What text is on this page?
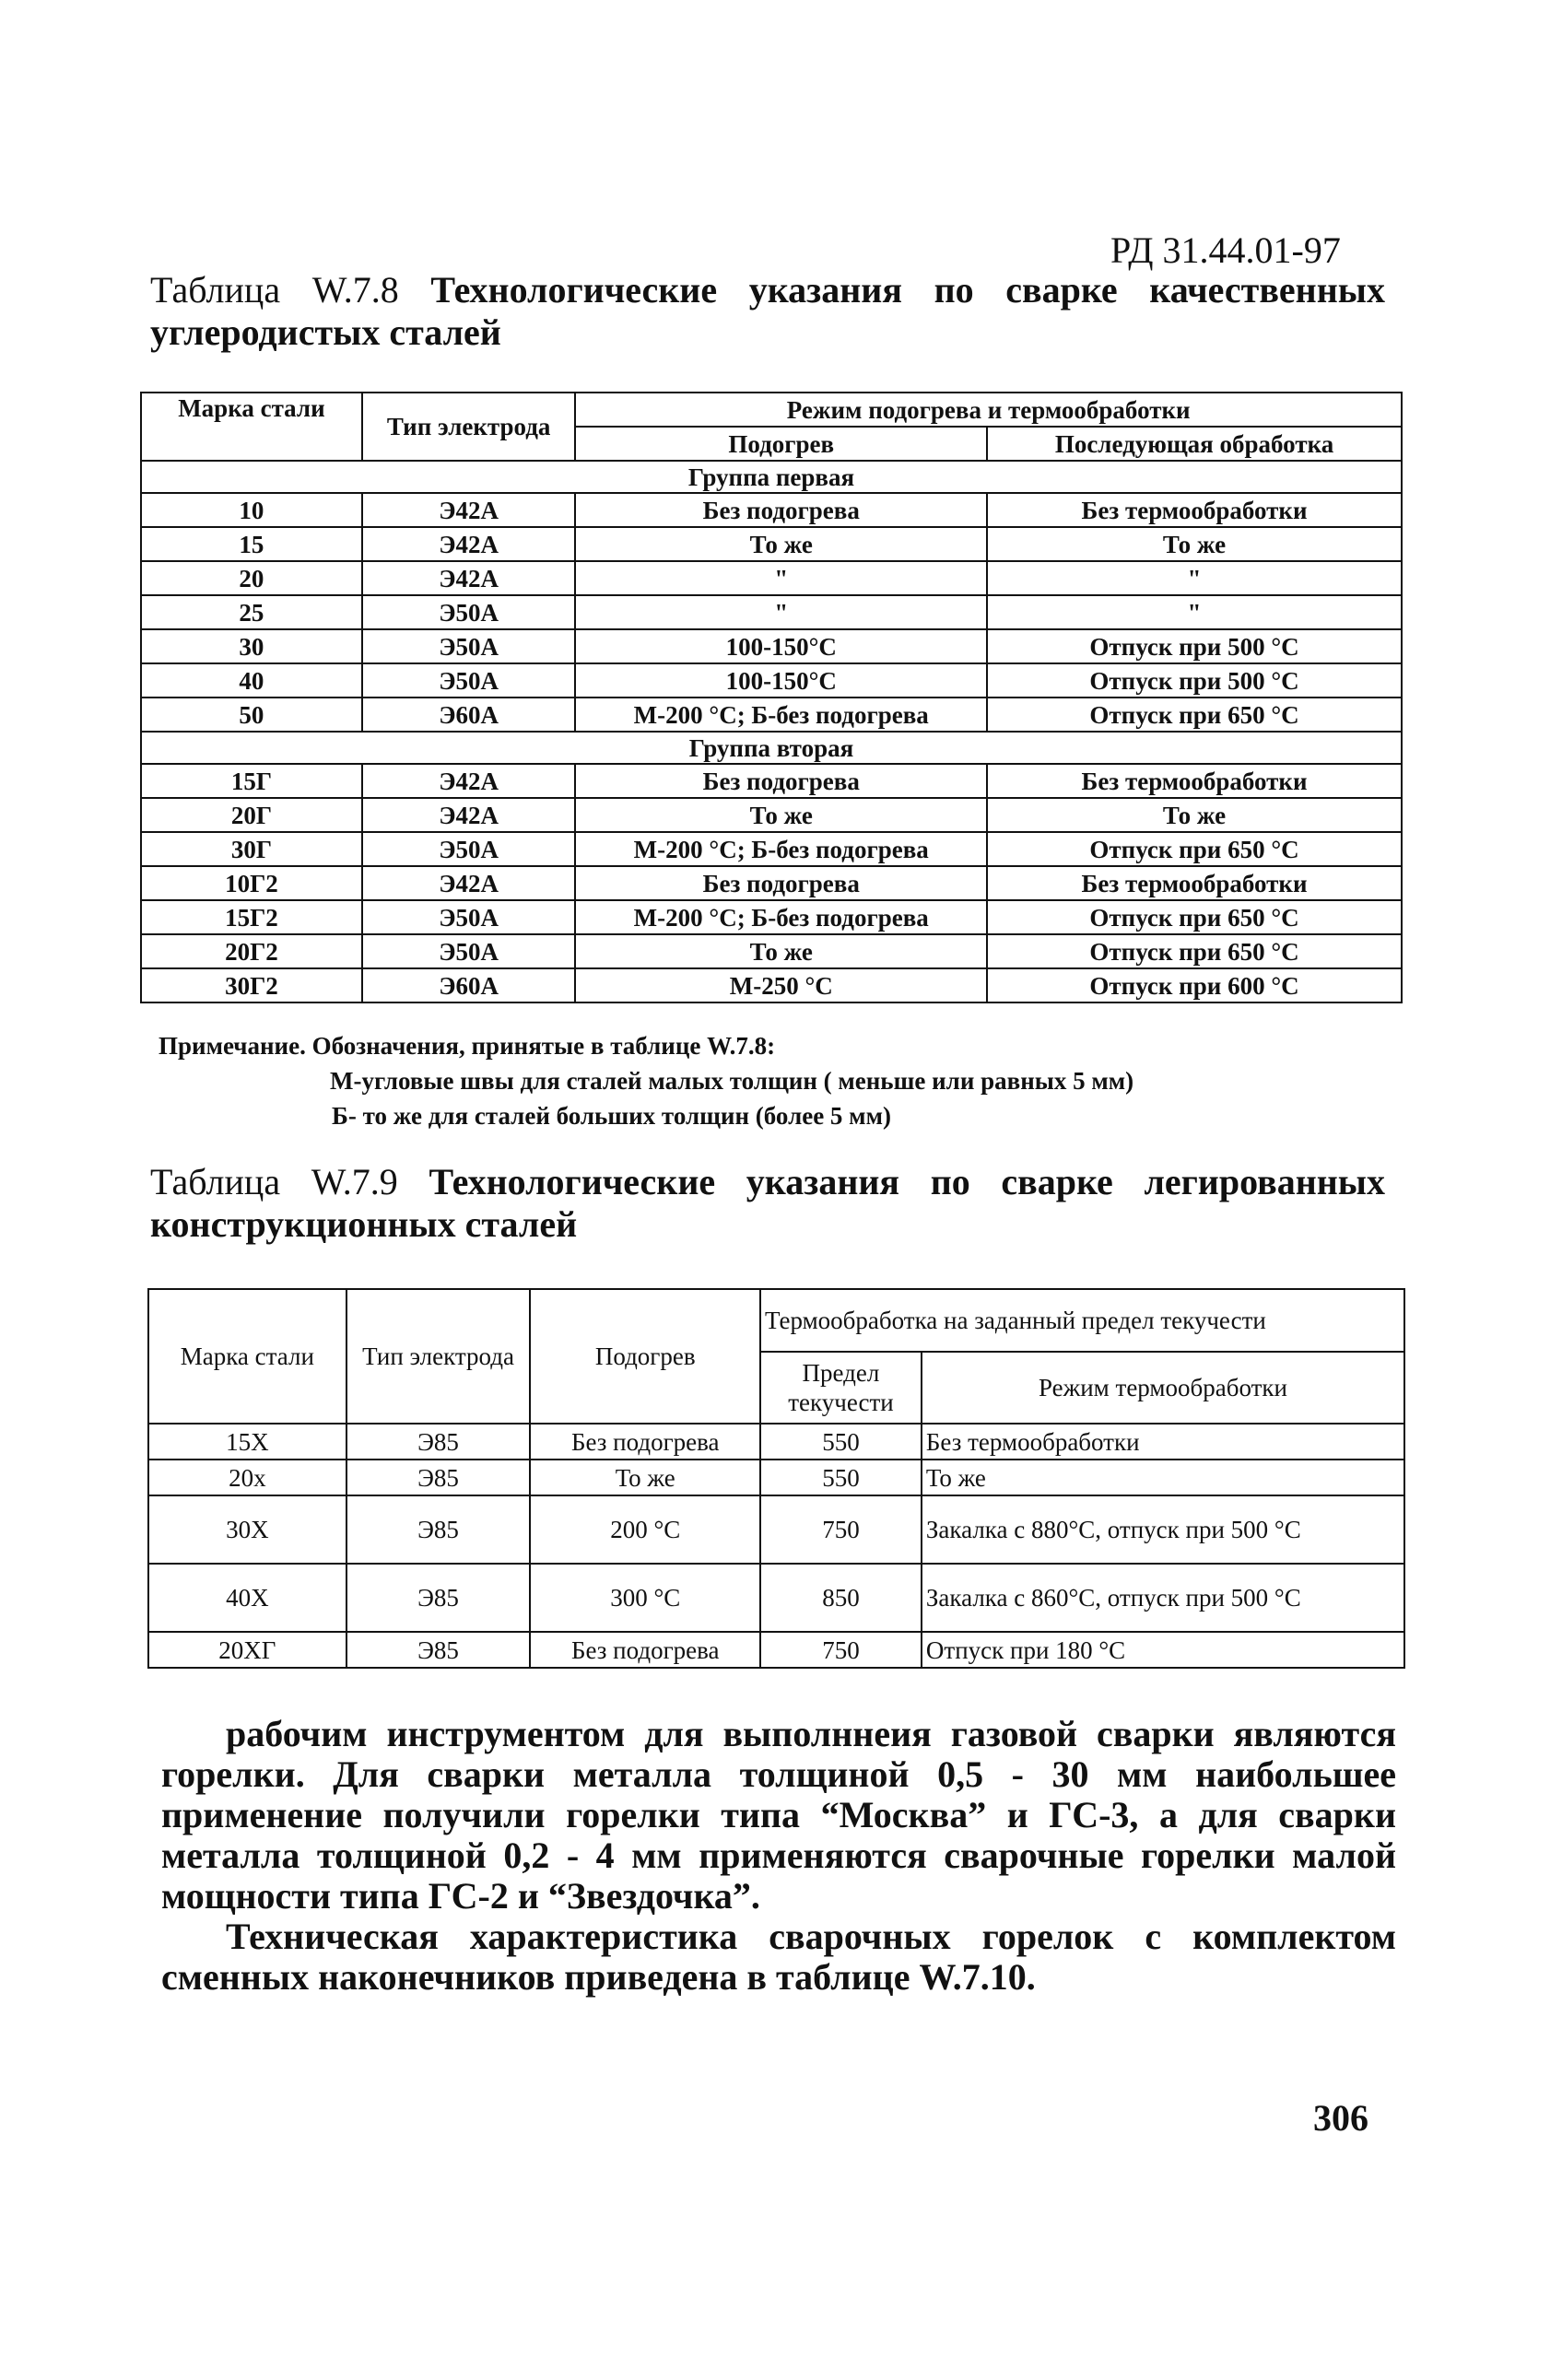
РД 31.44.01-97
Таблица W.7.8 Технологические указания по сварке качественных углеродистых сталей
Марка стали	Тип электрода	Режим подогрева и термообработки	
		Подогрев	Последующая обработка
Группа первая			
10	Э42А	Без подогрева	Без термообработки
15	Э42А	То же	То же
20	Э42А	"	"
25	Э50А	"	"
30	Э50А	100-150°С	Отпуск при 500 °С
40	Э50А	100-150°С	Отпуск при 500 °С
50	Э60А	М-200 °С; Б-без подогрева	Отпуск при 650 °С
Группа вторая			
15Г	Э42А	Без подогрева	Без термообработки
20Г	Э42А	То же	То же
30Г	Э50А	М-200 °С; Б-без подогрева	Отпуск при 650 °С
10Г2	Э42А	Без подогрева	Без термообработки
15Г2	Э50А	М-200 °С; Б-без подогрева	Отпуск при 650 °С
20Г2	Э50А	То же	Отпуск при 650 °С
30Г2	Э60А	М-250 °С	Отпуск при 600 °С
Примечание. Обозначения, принятые в таблице W.7.8:
М-угловые швы для сталей малых толщин ( меньше или равных 5 мм)
Б- то же для сталей больших толщин (более 5 мм)
Таблица W.7.9 Технологические указания по сварке легированных конструкционных сталей
Марка стали	Тип электрода	Подогрев	Термообработка на заданный предел текучести	
			Предел текучести	Режим термообработки
15Х	Э85	Без подогрева	550	Без термообработки
20х	Э85	То же	550	То же
30Х	Э85	200 °С	750	Закалка с 880°С, отпуск при 500 °С
40Х	Э85	300 °С	850	Закалка с 860°С, отпуск при 500 °С
20ХГ	Э85	Без подогрева	750	Отпуск при 180 °С
рабочим инструментом для выполннеия газовой сварки являются горелки. Для сварки металла толщиной 0,5 - 30 мм наибольшее применение получили горелки типа “Москва” и ГС-3, а для сварки металла толщиной 0,2 - 4 мм применяются сварочные горелки малой мощности типа ГС-2 и “Звездочка”.
Техническая характеристика сварочных горелок с комплектом сменных наконечников приведена в таблице W.7.10.
306
